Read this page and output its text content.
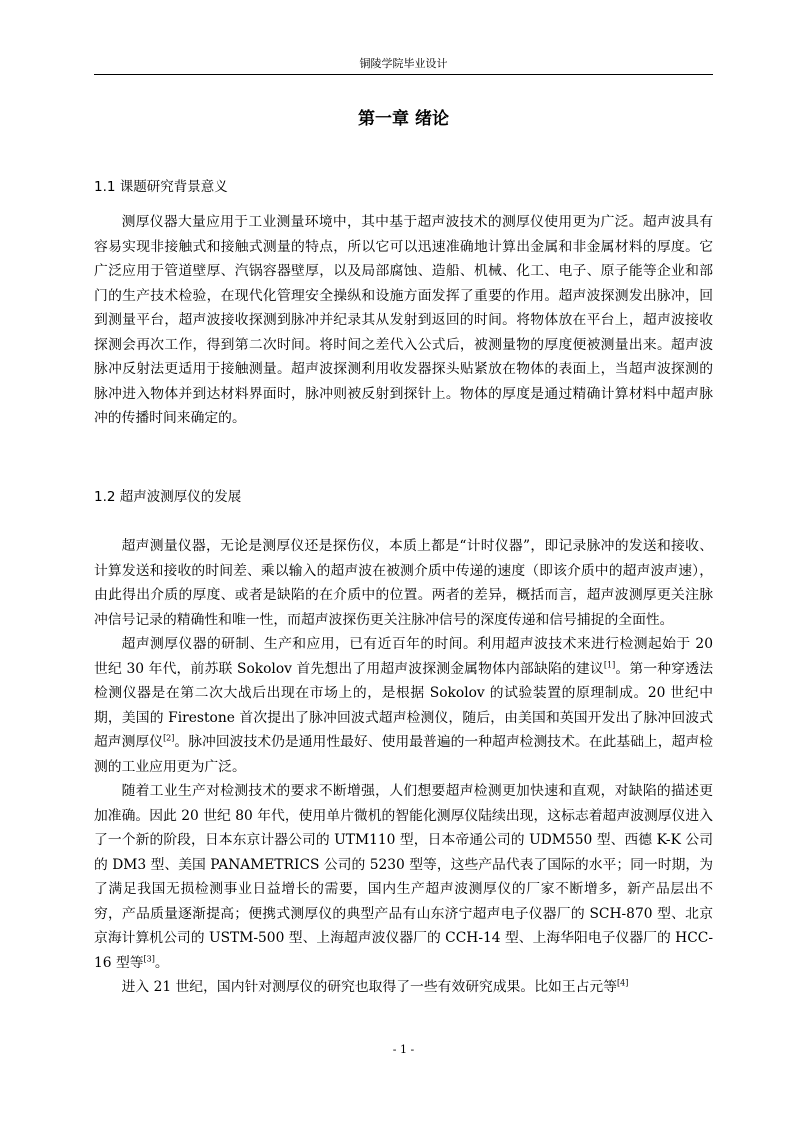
铜陵学院毕业设计
第一章 绪论
1.1 课题研究背景意义

测厚仪器大量应用于工业测量环境中，其中基于超声波技术的测厚仪使用更为广泛。超声波具有容易实现非接触式和接触式测量的特点，所以它可以迅速准确地计算出金属和非金属材料的厚度。它广泛应用于管道壁厚、汽锅容器壁厚，以及局部腐蚀、造船、机械、化工、电子、原子能等企业和部门的生产技术检验，在现代化管理安全操纵和设施方面发挥了重要的作用。超声波探测发出脉冲，回到测量平台，超声波接收探测到脉冲并纪录其从发射到返回的时间。将物体放在平台上，超声波接收探测会再次工作，得到第二次时间。将时间之差代入公式后，被测量物的厚度便被测量出来。超声波脉冲反射法更适用于接触测量。超声波探测利用收发器探头贴紧放在物体的表面上，当超声波探测的脉冲进入物体并到达材料界面时，脉冲则被反射到探针上。物体的厚度是通过精确计算材料中超声脉冲的传播时间来确定的。

1.2 超声波测厚仪的发展

超声测量仪器，无论是测厚仪还是探伤仪，本质上都是“计时仪器”，即记录脉冲的发送和接收、计算发送和接收的时间差、乘以输入的超声波在被测介质中传递的速度（即该介质中的超声波声速），由此得出介质的厚度、或者是缺陷的在介质中的位置。两者的差异，概括而言，超声波测厚更关注脉冲信号记录的精确性和唯一性，而超声波探伤更关注脉冲信号的深度传递和信号捕捉的全面性。

超声测厚仪器的研制、生产和应用，已有近百年的时间。利用超声波技术来进行检测起始于 20 世纪 30 年代，前苏联 Sokolov 首先想出了用超声波探测金属物体内部缺陷的建议[1]。第一种穿透法检测仪器是在第二次大战后出现在市场上的，是根据 Sokolov 的试验装置的原理制成。20 世纪中期，美国的 Firestone 首次提出了脉冲回波式超声检测仪，随后，由美国和英国开发出了脉冲回波式超声测厚仪[2]。脉冲回波技术仍是通用性最好、使用最普遍的一种超声检测技术。在此基础上，超声检测的工业应用更为广泛。

随着工业生产对检测技术的要求不断增强，人们想要超声检测更加快速和直观，对缺陷的描述更加准确。因此 20 世纪 80 年代，使用单片微机的智能化测厚仪陆续出现，这标志着超声波测厚仪进入了一个新的阶段，日本东京计器公司的 UTM110 型，日本帝通公司的 UDM550 型、西德 K-K 公司的 DM3 型、美国 PANAMETRICS 公司的 5230 型等，这些产品代表了国际的水平；同一时期，为了满足我国无损检测事业日益增长的需要，国内生产超声波测厚仪的厂家不断增多，新产品层出不穷，产品质量逐渐提高；便携式测厚仪的典型产品有山东济宁超声电子仪器厂的 SCH-870 型、北京京海计算机公司的 USTM-500 型、上海超声波仪器厂的 CCH-14 型、上海华阳电子仪器厂的 HCC-16 型等[3]。

进入 21 世纪，国内针对测厚仪的研究也取得了一些有效研究成果。比如王占元等[4]

- 1 -
